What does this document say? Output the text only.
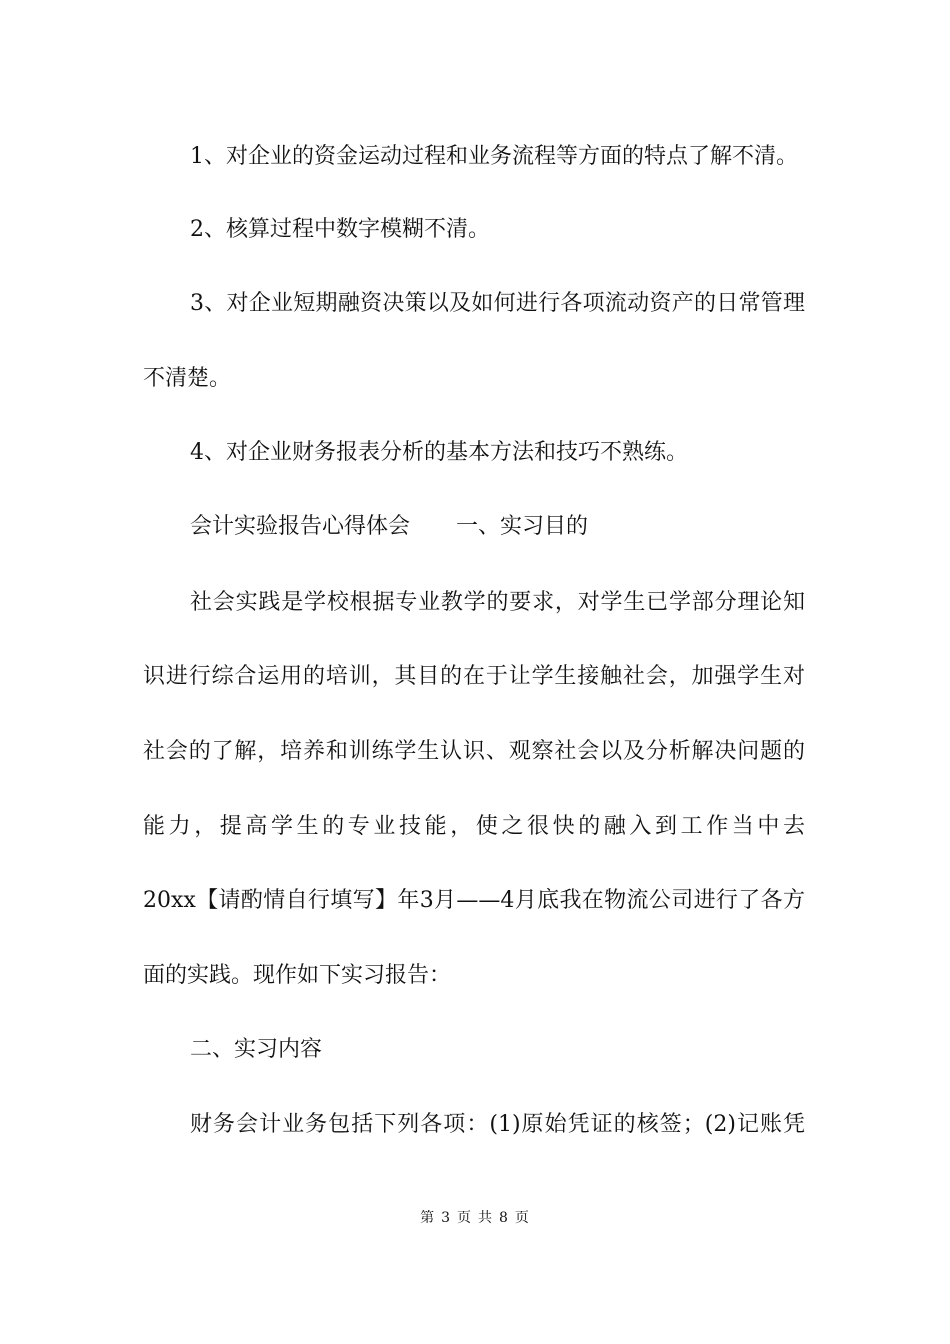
1、对企业的资金运动过程和业务流程等方面的特点了解不清。
2、核算过程中数字模糊不清。
3、对企业短期融资决策以及如何进行各项流动资产的日常管理
不清楚。
4、对企业财务报表分析的基本方法和技巧不熟练。
会计实验报告心得体会 一、实习目的
社会实践是学校根据专业教学的要求，对学生已学部分理论知
识进行综合运用的培训，其目的在于让学生接触社会，加强学生对
社会的了解，培养和训练学生认识、观察社会以及分析解决问题的
能力，提高学生的专业技能，使之很快的融入到工作当中去
20xx【请酌情自行填写】年3月——4月底我在物流公司进行了各方
面的实践。现作如下实习报告：
二、实习内容
财务会计业务包括下列各项：(1)原始凭证的核签；(2)记账凭
第 3 页 共 8 页
